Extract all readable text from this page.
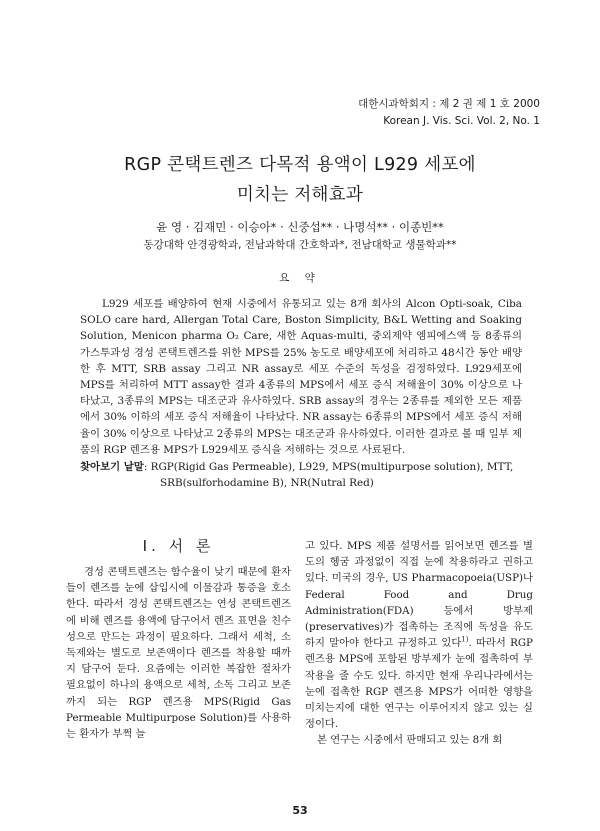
대한시과학회지 : 제 2 권 제 1 호 2000
Korean J. Vis. Sci. Vol. 2, No. 1
RGP 콘택트렌즈 다목적 용액이 L929 세포에
미치는 저해효과
윤 영 · 김재민 · 이승아* · 신중섭** · 나명석** · 이종빈**
동강대학 안경광학과, 전남과학대 간호학과*, 전남대학교 생물학과**
요 약

L929 세포를 배양하여 현재 시중에서 유통되고 있는 8개 회사의 Alcon Opti-soak, Ciba SOLO care hard, Allergan Total Care, Boston Simplicity, B&L Wetting and Soaking Solution, Menicon pharma O₂ Care, 새한 Aquas-multi, 중외제약 엠피에스액 등 8종류의 가스투과성 경성 콘택트렌즈를 위한 MPS를 25% 농도로 배양세포에 처리하고 48시간 동안 배양한 후 MTT, SRB assay 그리고 NR assay로 세포 수준의 독성을 검정하였다. L929세포에 MPS를 처리하여 MTT assay한 결과 4종류의 MPS에서 세포 증식 저해율이 30% 이상으로 나타났고, 3종류의 MPS는 대조군과 유사하였다. SRB assay의 경우는 2종류를 제외한 모든 제품에서 30% 이하의 세포 증식 저해율이 나타났다. NR assay는 6종류의 MPS에서 세포 증식 저해율이 30% 이상으로 나타났고 2종류의 MPS는 대조군과 유사하였다. 이러한 결과로 볼 때 일부 제품의 RGP 렌즈용 MPS가 L929세포 증식을 저해하는 것으로 사료된다.

찾아보기 낱말: RGP(Rigid Gas Permeable), L929, MPS(multipurpose solution), MTT,
SRB(sulforhodamine B), NR(Nutral Red)
I. 서 론

경성 콘택트렌즈는 함수율이 낮기 때문에 환자들이 렌즈를 눈에 삽입시에 이물감과 통증을 호소한다. 따라서 경성 콘택트렌즈는 연성 콘택트렌즈에 비해 렌즈를 용액에 담구어서 렌즈 표면을 친수성으로 만드는 과정이 필요하다. 그래서 세척, 소독제와는 별도로 보존액이다 렌즈를 착용할 때까지 담구어 둔다. 요즘에는 이러한 복잡한 절차가 필요없이 하나의 용액으로 세척, 소독 그리고 보존까지 되는 RGP 렌즈용 MPS(Rigid Gas Permeable Multipurpose Solution)를 사용하는 환자가 부쩍 늘

고 있다. MPS 제품 설명서를 읽어보면 렌즈를 별도의 헹굼 과정없이 직접 눈에 착용하라고 권하고 있다. 미국의 경우, US Pharmacopoeia(USP)나 Federal Food and Drug Administration(FDA) 등에서 방부제(preservatives)가 접촉하는 조직에 독성을 유도하지 말아야 한다고 규정하고 있다$^{1)}$. 따라서 RGP 렌즈용 MPS에 포함된 방부제가 눈에 접촉하여 부작용을 줄 수도 있다. 하지만 현재 우리나라에서는 눈에 접촉한 RGP 렌즈용 MPS가 어떠한 영향을 미치는지에 대한 연구는 이루어지지 않고 있는 실정이다.

본 연구는 시중에서 판매되고 있는 8개 회

53
